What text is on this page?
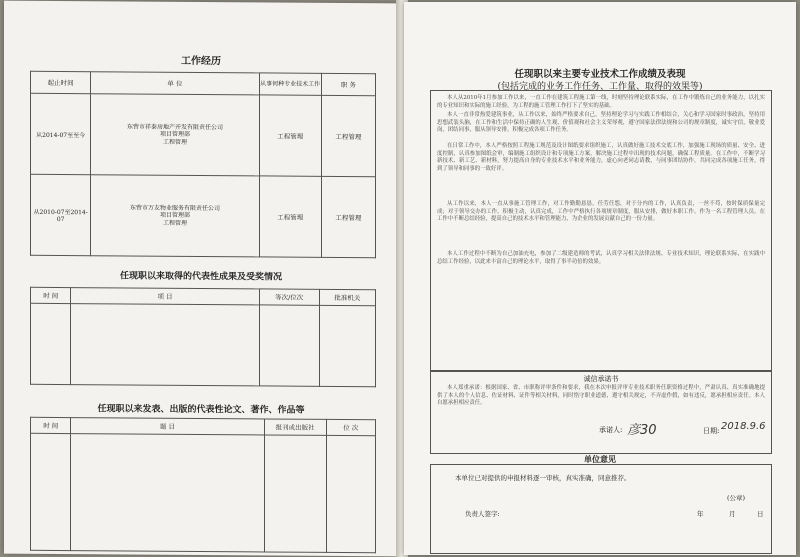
工作经历
起止时间	单 位	从事何种专业技术工作	职 务
从2014-07至至今	东营市祥泰房地产开发有限责任公司
项目管理部
工程管理	工程管理	工程管理
从2010-07至2014-07	东营市万友物业服务有限责任公司
项目管理部
工程管理	工程管理	工程管理
任现职以来取得的代表性成果及受奖情况
时 间	项 目	等次/位次	批准机关

任现职以来发表、出版的代表性论文、著作、作品等
时 间	题 目	报刊或出版社	位 次

任现职以来主要专业技术工作成绩及表现
(包括完成的业务工作任务、工作量、取得的效果等)
本人从2010年1月参加工作以来，一直工作在建筑工程施工第一线，时刻坚持理论联系实际，在工作中锻炼自己的业务能力，以扎实的专业知识和实际的施工经验，为工程的施工管理工作打下了坚实的基础。
本人一直非常热爱建筑事业，从工作以来，始终严格要求自己，坚持理论学习与实践工作相结合，关心和学习国家时事政治，坚持用思想武装头脑，在工作和生活中保持正确的人生观、价值观和社会主义荣辱观，遵守国家法律法规和公司的规章制度，诚实守信，敬业爱岗，团结同事，服从领导安排，积极完成各项工作任务。
在日常工作中，本人严格按照工程施工规范及设计图纸要求组织施工，认真做好施工技术交底工作，加强施工现场的质量、安全、进度控制，认真参加图纸会审，编制施工组织设计和专项施工方案，解决施工过程中出现的技术问题，确保工程质量。在工作中，不断学习新技术、新工艺、新材料，努力提高自身的专业技术水平和业务能力，虚心向老同志请教，与同事团结协作，共同完成各项施工任务，得到了领导和同事的一致好评。
从工作以来，本人一直从事施工管理工作，对工作勤勤恳恳，任劳任怨，对于分内的工作，认真负责，一丝不苟，按时保质保量完成；对于领导交办的工作，积极主动，认真完成，工作中严格执行各项规章制度，服从安排，做好本职工作。作为一名工程管理人员，在工作中不断总结经验，提高自己的技术水平和管理能力，为企业的发展贡献自己的一份力量。
本人工作过程中不断为自己加油充电，参加了二级建造师的考试，认真学习相关法律法规、专业技术知识，理论联系实际，在实践中总结工作经验，以此来丰富自己的理论水平，取得了事半功倍的效果。
诚信承诺书
本人郑重承诺：根据国家、省、市职称评审条件和要求，我在本次申报评审专业技术职务任职资格过程中，严肃认真、真实准确地提供了本人的个人信息、佐证材料、证件等相关材料，同时恪守职业道德，遵守相关规定，不弄虚作假，如有违反，愿承担相应责任。本人自愿承担相应责任。
承诺人: 彦30	日期: 2018.9.6
单位意见
本单位已对提供的申报材料逐一审核，真实准确，同意推荐。
(公章)
负责人签字:	年	月	日
